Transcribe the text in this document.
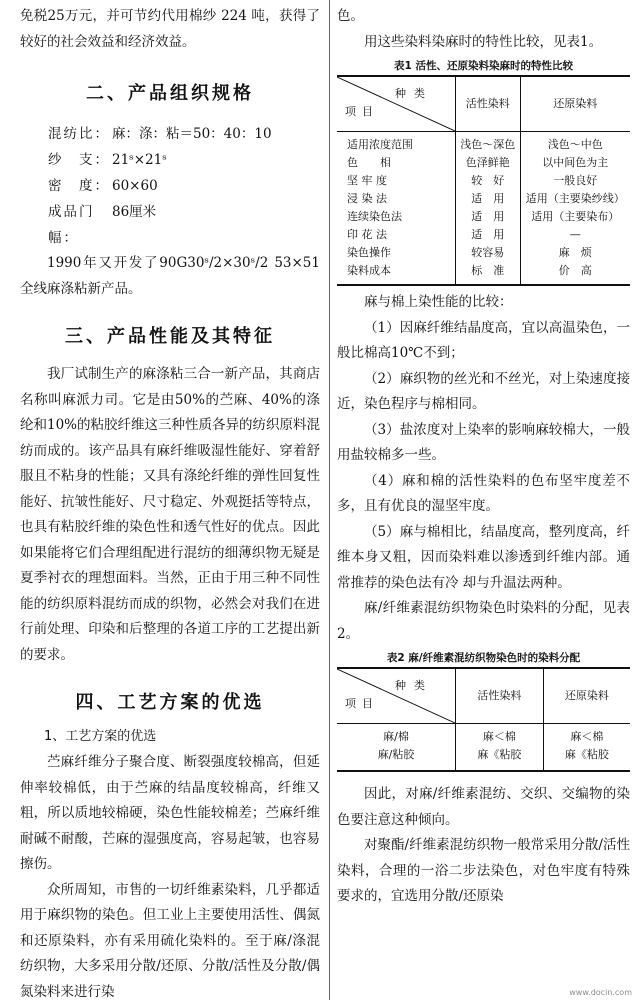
免税25万元，并可节约代用棉纱 224 吨，获得了较好的社会效益和经济效益。

二、产品组织规格
混纺比： 麻：涤：粘＝50：40：10
纱　支： 21ˢ×21ˢ
密　度： 60×60
成品门幅：
86厘米

1990年又开发了90G30ˢ/2×30ˢ/2 53×51全线麻涤粘新产品。

三、产品性能及其特征

我厂试制生产的麻涤粘三合一新产品，其商店名称叫麻派力司。它是由50%的苎麻、40%的涤纶和10%的粘胶纤维这三种性质各异的纺织原料混纺而成的。该产品具有麻纤维吸湿性能好、穿着舒服且不粘身的性能；又具有涤纶纤维的弹性回复性能好、抗皱性能好、尺寸稳定、外观挺括等特点，也具有粘胶纤维的染色性和透气性好的优点。因此如果能将它们合理组配进行混纺的细薄织物无疑是夏季衬衣的理想面料。当然，正由于用三种不同性能的纺织原料混纺而成的织物，必然会对我们在进行前处理、印染和后整理的各道工序的工艺提出新的要求。

四、工艺方案的优选
1、工艺方案的优选

苎麻纤维分子聚合度、断裂强度较棉高，但延伸率较棉低，由于苎麻的结晶度较棉高，纤维又粗，所以质地较棉硬，染色性能较棉差；苎麻纤维耐碱不耐酸，芒麻的湿强度高，容易起皱，也容易擦伤。

众所周知，市售的一切纤维素染料，几乎都适用于麻织物的染色。但工业上主要使用活性、偶氮和还原染料，亦有采用硫化染料的。至于麻/涤混纺织物，大多采用分散/还原、分散/活性及分散/偶氮染料来进行染

色。

用这些染料染麻时的特性比较，见表1。

表1 活性、还原染料染麻时的特性比较
种类
项目	活性染料	还原染料
适用浓度范围	浅色～深色	浅色～中色
色　　相	色泽鲜艳	以中间色为主
坚 牢 度	较　好	一般良好
浸 染 法	适　用	适用（主要染纱线）
连续染色法	适　用	适用（主要染布）
印 花 法	适　用	—
染色操作	较容易	麻　烦
染料成本	标　准	价　高

麻与棉上染性能的比较：

（1）因麻纤维结晶度高，宜以高温染色，一般比棉高10℃不到；

（2）麻织物的丝光和不丝光，对上染速度接近，染色程序与棉相同。

（3）盐浓度对上染率的影响麻较棉大，一般用盐较棉多一些。

（4）麻和棉的活性染料的色布坚牢度差不多，且有优良的湿坚牢度。

（5）麻与棉相比，结晶度高，整列度高，纤维本身又粗，因而染料难以渗透到纤维内部。通常推荐的染色法有冷 却与升温法两种。

麻/纤维素混纺织物染色时染料的分配，见表2。

表2 麻/纤维素混纺织物染色时的染料分配
种类
项目	活性染料	还原染料
麻/棉	麻＜棉	麻＜棉
麻/粘胶	麻《粘胶	麻《粘胶

因此，对麻/纤维素混纺、交织、交编物的染色要注意这种倾向。

对聚酯/纤维素混纺织物一般常采用分散/活性染料，合理的一浴二步法染色，对色牢度有特殊要求的，宜选用分散/还原染

www.docin.com
